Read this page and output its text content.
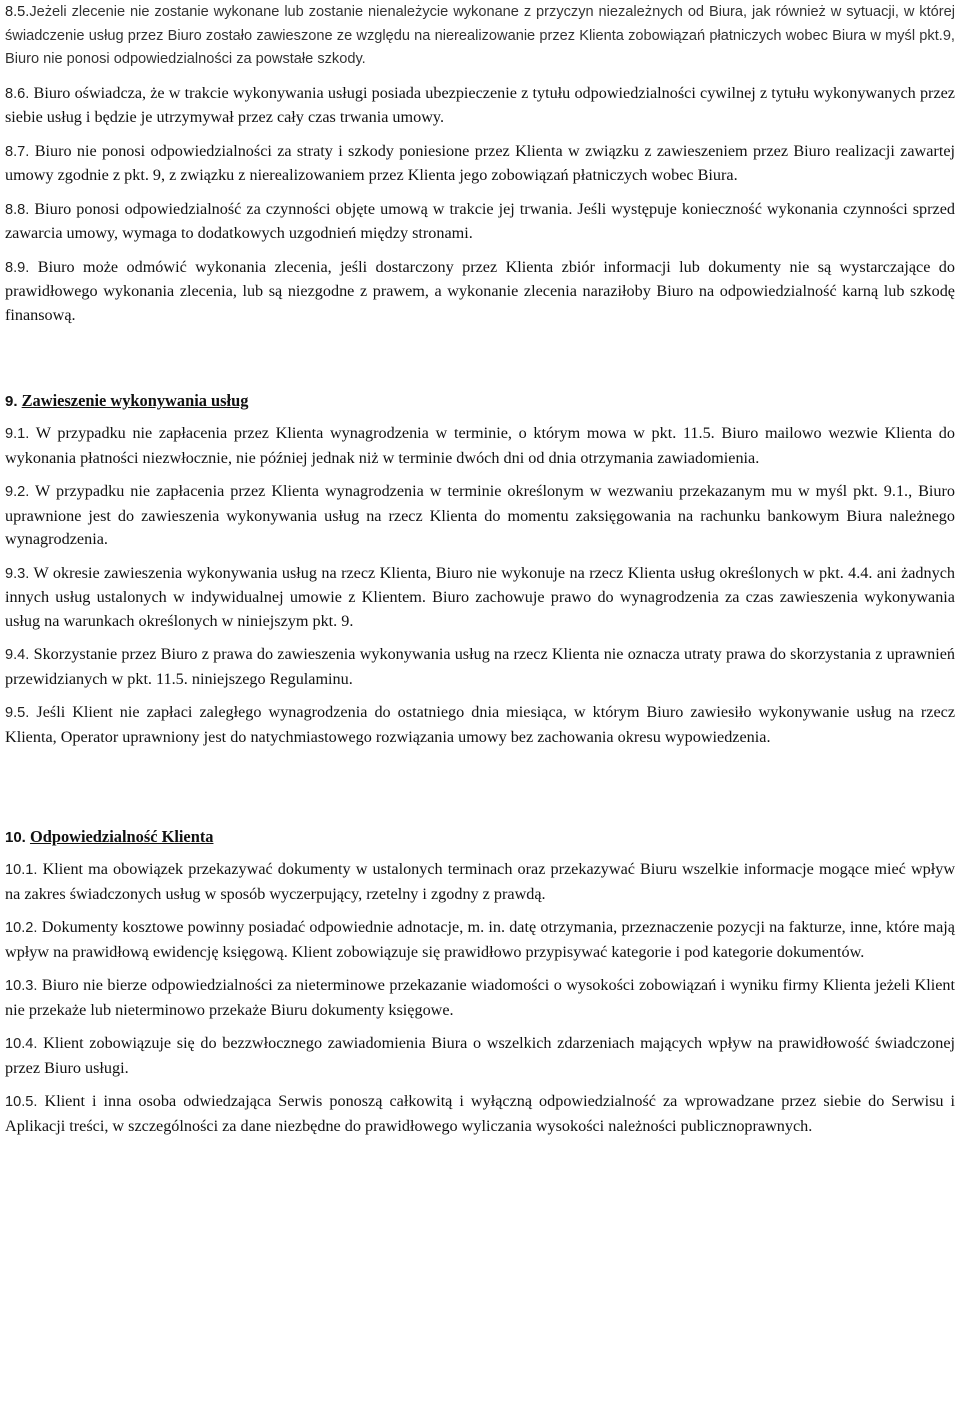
8.5.Jeżeli zlecenie nie zostanie wykonane lub zostanie nienależycie wykonane z przyczyn niezależnych od Biura, jak również w sytuacji, w której świadczenie usług przez Biuro zostało zawieszone ze względu na nierealizowanie przez Klienta zobowiązań płatniczych wobec Biura w myśl pkt.9, Biuro nie ponosi odpowiedzialności za powstałe szkody.

8.6. Biuro oświadcza, że w trakcie wykonywania usługi posiada ubezpieczenie z tytułu odpowiedzialności cywilnej z tytułu wykonywanych przez siebie usług i będzie je utrzymywał przez cały czas trwania umowy.

8.7. Biuro nie ponosi odpowiedzialności za straty i szkody poniesione przez Klienta w związku z zawieszeniem przez Biuro realizacji zawartej umowy zgodnie z pkt. 9, z związku z nierealizowaniem przez Klienta jego zobowiązań płatniczych wobec Biura.

8.8. Biuro ponosi odpowiedzialność za czynności objęte umową w trakcie jej trwania. Jeśli występuje konieczność wykonania czynności sprzed zawarcia umowy, wymaga to dodatkowych uzgodnień między stronami.

8.9. Biuro może odmówić wykonania zlecenia, jeśli dostarczony przez Klienta zbiór informacji lub dokumenty nie są wystarczające do prawidłowego wykonania zlecenia, lub są niezgodne z prawem, a wykonanie zlecenia naraziłoby Biuro na odpowiedzialność karną lub szkodę finansową.

9. Zawieszenie wykonywania usług

9.1. W przypadku nie zapłacenia przez Klienta wynagrodzenia w terminie, o którym mowa w pkt. 11.5. Biuro mailowo wezwie Klienta do wykonania płatności niezwłocznie, nie później jednak niż w terminie dwóch dni od dnia otrzymania zawiadomienia.

9.2. W przypadku nie zapłacenia przez Klienta wynagrodzenia w terminie określonym w wezwaniu przekazanym mu w myśl pkt. 9.1., Biuro uprawnione jest do zawieszenia wykonywania usług na rzecz Klienta do momentu zaksięgowania na rachunku bankowym Biura należnego wynagrodzenia.

9.3. W okresie zawieszenia wykonywania usług na rzecz Klienta, Biuro nie wykonuje na rzecz Klienta usług określonych w pkt. 4.4. ani żadnych innych usług ustalonych w indywidualnej umowie z Klientem. Biuro zachowuje prawo do wynagrodzenia za czas zawieszenia wykonywania usług na warunkach określonych w niniejszym pkt. 9.

9.4. Skorzystanie przez Biuro z prawa do zawieszenia wykonywania usług na rzecz Klienta nie oznacza utraty prawa do skorzystania z uprawnień przewidzianych w pkt. 11.5. niniejszego Regulaminu.

9.5. Jeśli Klient nie zapłaci zaległego wynagrodzenia do ostatniego dnia miesiąca, w którym Biuro zawiesiło wykonywanie usług na rzecz Klienta, Operator uprawniony jest do natychmiastowego rozwiązania umowy bez zachowania okresu wypowiedzenia.

10. Odpowiedzialność Klienta

10.1. Klient ma obowiązek przekazywać dokumenty w ustalonych terminach oraz przekazywać Biuru wszelkie informacje mogące mieć wpływ na zakres świadczonych usług w sposób wyczerpujący, rzetelny i zgodny z prawdą.

10.2. Dokumenty kosztowe powinny posiadać odpowiednie adnotacje, m. in. datę otrzymania, przeznaczenie pozycji na fakturze, inne, które mają wpływ na prawidłową ewidencję księgową. Klient zobowiązuje się prawidłowo przypisywać kategorie i pod kategorie dokumentów.

10.3. Biuro nie bierze odpowiedzialności za nieterminowe przekazanie wiadomości o wysokości zobowiązań i wyniku firmy Klienta jeżeli Klient nie przekaże lub nieterminowo przekaże Biuru dokumenty księgowe.

10.4. Klient zobowiązuje się do bezzwłocznego zawiadomienia Biura o wszelkich zdarzeniach mających wpływ na prawidłowość świadczonej przez Biuro usługi.

10.5. Klient i inna osoba odwiedzająca Serwis ponoszą całkowitą i wyłączną odpowiedzialność za wprowadzane przez siebie do Serwisu i Aplikacji treści, w szczególności za dane niezbędne do prawidłowego wyliczania wysokości należności publicznoprawnych.
